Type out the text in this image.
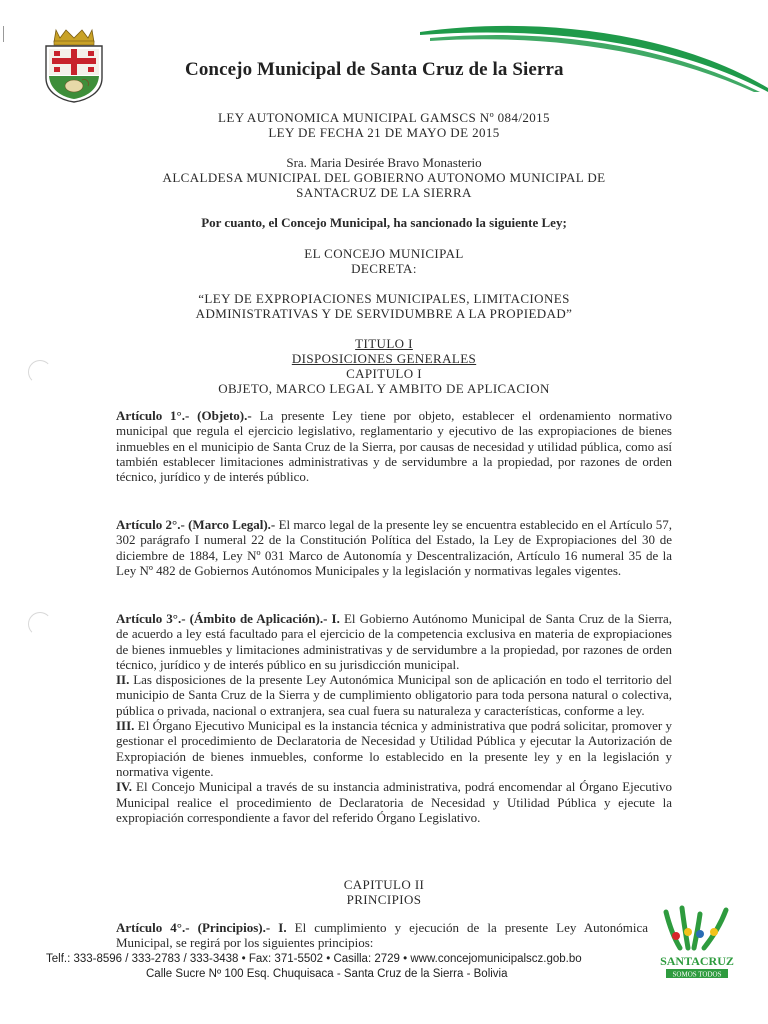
Concejo Municipal de Santa Cruz de la Sierra
LEY AUTONOMICA MUNICIPAL GAMSCS Nº 084/2015
LEY DE FECHA 21 DE MAYO DE 2015
Sra. Maria Desirée Bravo Monasterio
ALCALDESA MUNICIPAL DEL GOBIERNO AUTONOMO MUNICIPAL DE
SANTACRUZ DE LA SIERRA
Por cuanto, el Concejo Municipal, ha sancionado la siguiente Ley;
EL CONCEJO MUNICIPAL
DECRETA:
“LEY DE EXPROPIACIONES MUNICIPALES, LIMITACIONES
ADMINISTRATIVAS Y DE SERVIDUMBRE A LA PROPIEDAD”
TITULO I
DISPOSICIONES GENERALES
CAPITULO I
OBJETO, MARCO LEGAL Y AMBITO DE APLICACION

Artículo 1°.- (Objeto).- La presente Ley tiene por objeto, establecer el ordenamiento normativo municipal que regula el ejercicio legislativo, reglamentario y ejecutivo de las expropiaciones de bienes inmuebles en el municipio de Santa Cruz de la Sierra, por causas de necesidad y utilidad pública, como así también establecer limitaciones administrativas y de servidumbre a la propiedad, por razones de orden técnico, jurídico y de interés público.

Artículo 2°.- (Marco Legal).- El marco legal de la presente ley se encuentra establecido en el Artículo 57, 302 parágrafo I numeral 22 de la Constitución Política del Estado, la Ley de Expropiaciones del 30 de diciembre de 1884, Ley Nº 031 Marco de Autonomía y Descentralización, Artículo 16 numeral 35 de la Ley Nº 482 de Gobiernos Autónomos Municipales y la legislación y normativas legales vigentes.

Artículo 3°.- (Ámbito de Aplicación).- I. El Gobierno Autónomo Municipal de Santa Cruz de la Sierra, de acuerdo a ley está facultado para el ejercicio de la competencia exclusiva en materia de expropiaciones de bienes inmuebles y limitaciones administrativas y de servidumbre a la propiedad, por razones de orden técnico, jurídico y de interés público en su jurisdicción municipal.
II. Las disposiciones de la presente Ley Autonómica Municipal son de aplicación en todo el territorio del municipio de Santa Cruz de la Sierra y de cumplimiento obligatorio para toda persona natural o colectiva, pública o privada, nacional o extranjera, sea cual fuera su naturaleza y características, conforme a ley.
III. El Órgano Ejecutivo Municipal es la instancia técnica y administrativa que podrá solicitar, promover y gestionar el procedimiento de Declaratoria de Necesidad y Utilidad Pública y ejecutar la Autorización de Expropiación de bienes inmuebles, conforme lo establecido en la presente ley y en la legislación y normativa vigente.
IV. El Concejo Municipal a través de su instancia administrativa, podrá encomendar al Órgano Ejecutivo Municipal realice el procedimiento de Declaratoria de Necesidad y Utilidad Pública y ejecute la expropiación correspondiente a favor del referido Órgano Legislativo.

CAPITULO II
PRINCIPIOS

Artículo 4°.- (Principios).- I. El cumplimiento y ejecución de la presente Ley Autonómica Municipal, se regirá por los siguientes principios:

SANTACRUZ
SOMOS TODOS
Telf.: 333-8596 / 333-2783 / 333-3438 • Fax: 371-5502 • Casilla: 2729 • www.concejomunicipalscz.gob.bo
Calle Sucre Nº 100 Esq. Chuquisaca - Santa Cruz de la Sierra - Bolivia
